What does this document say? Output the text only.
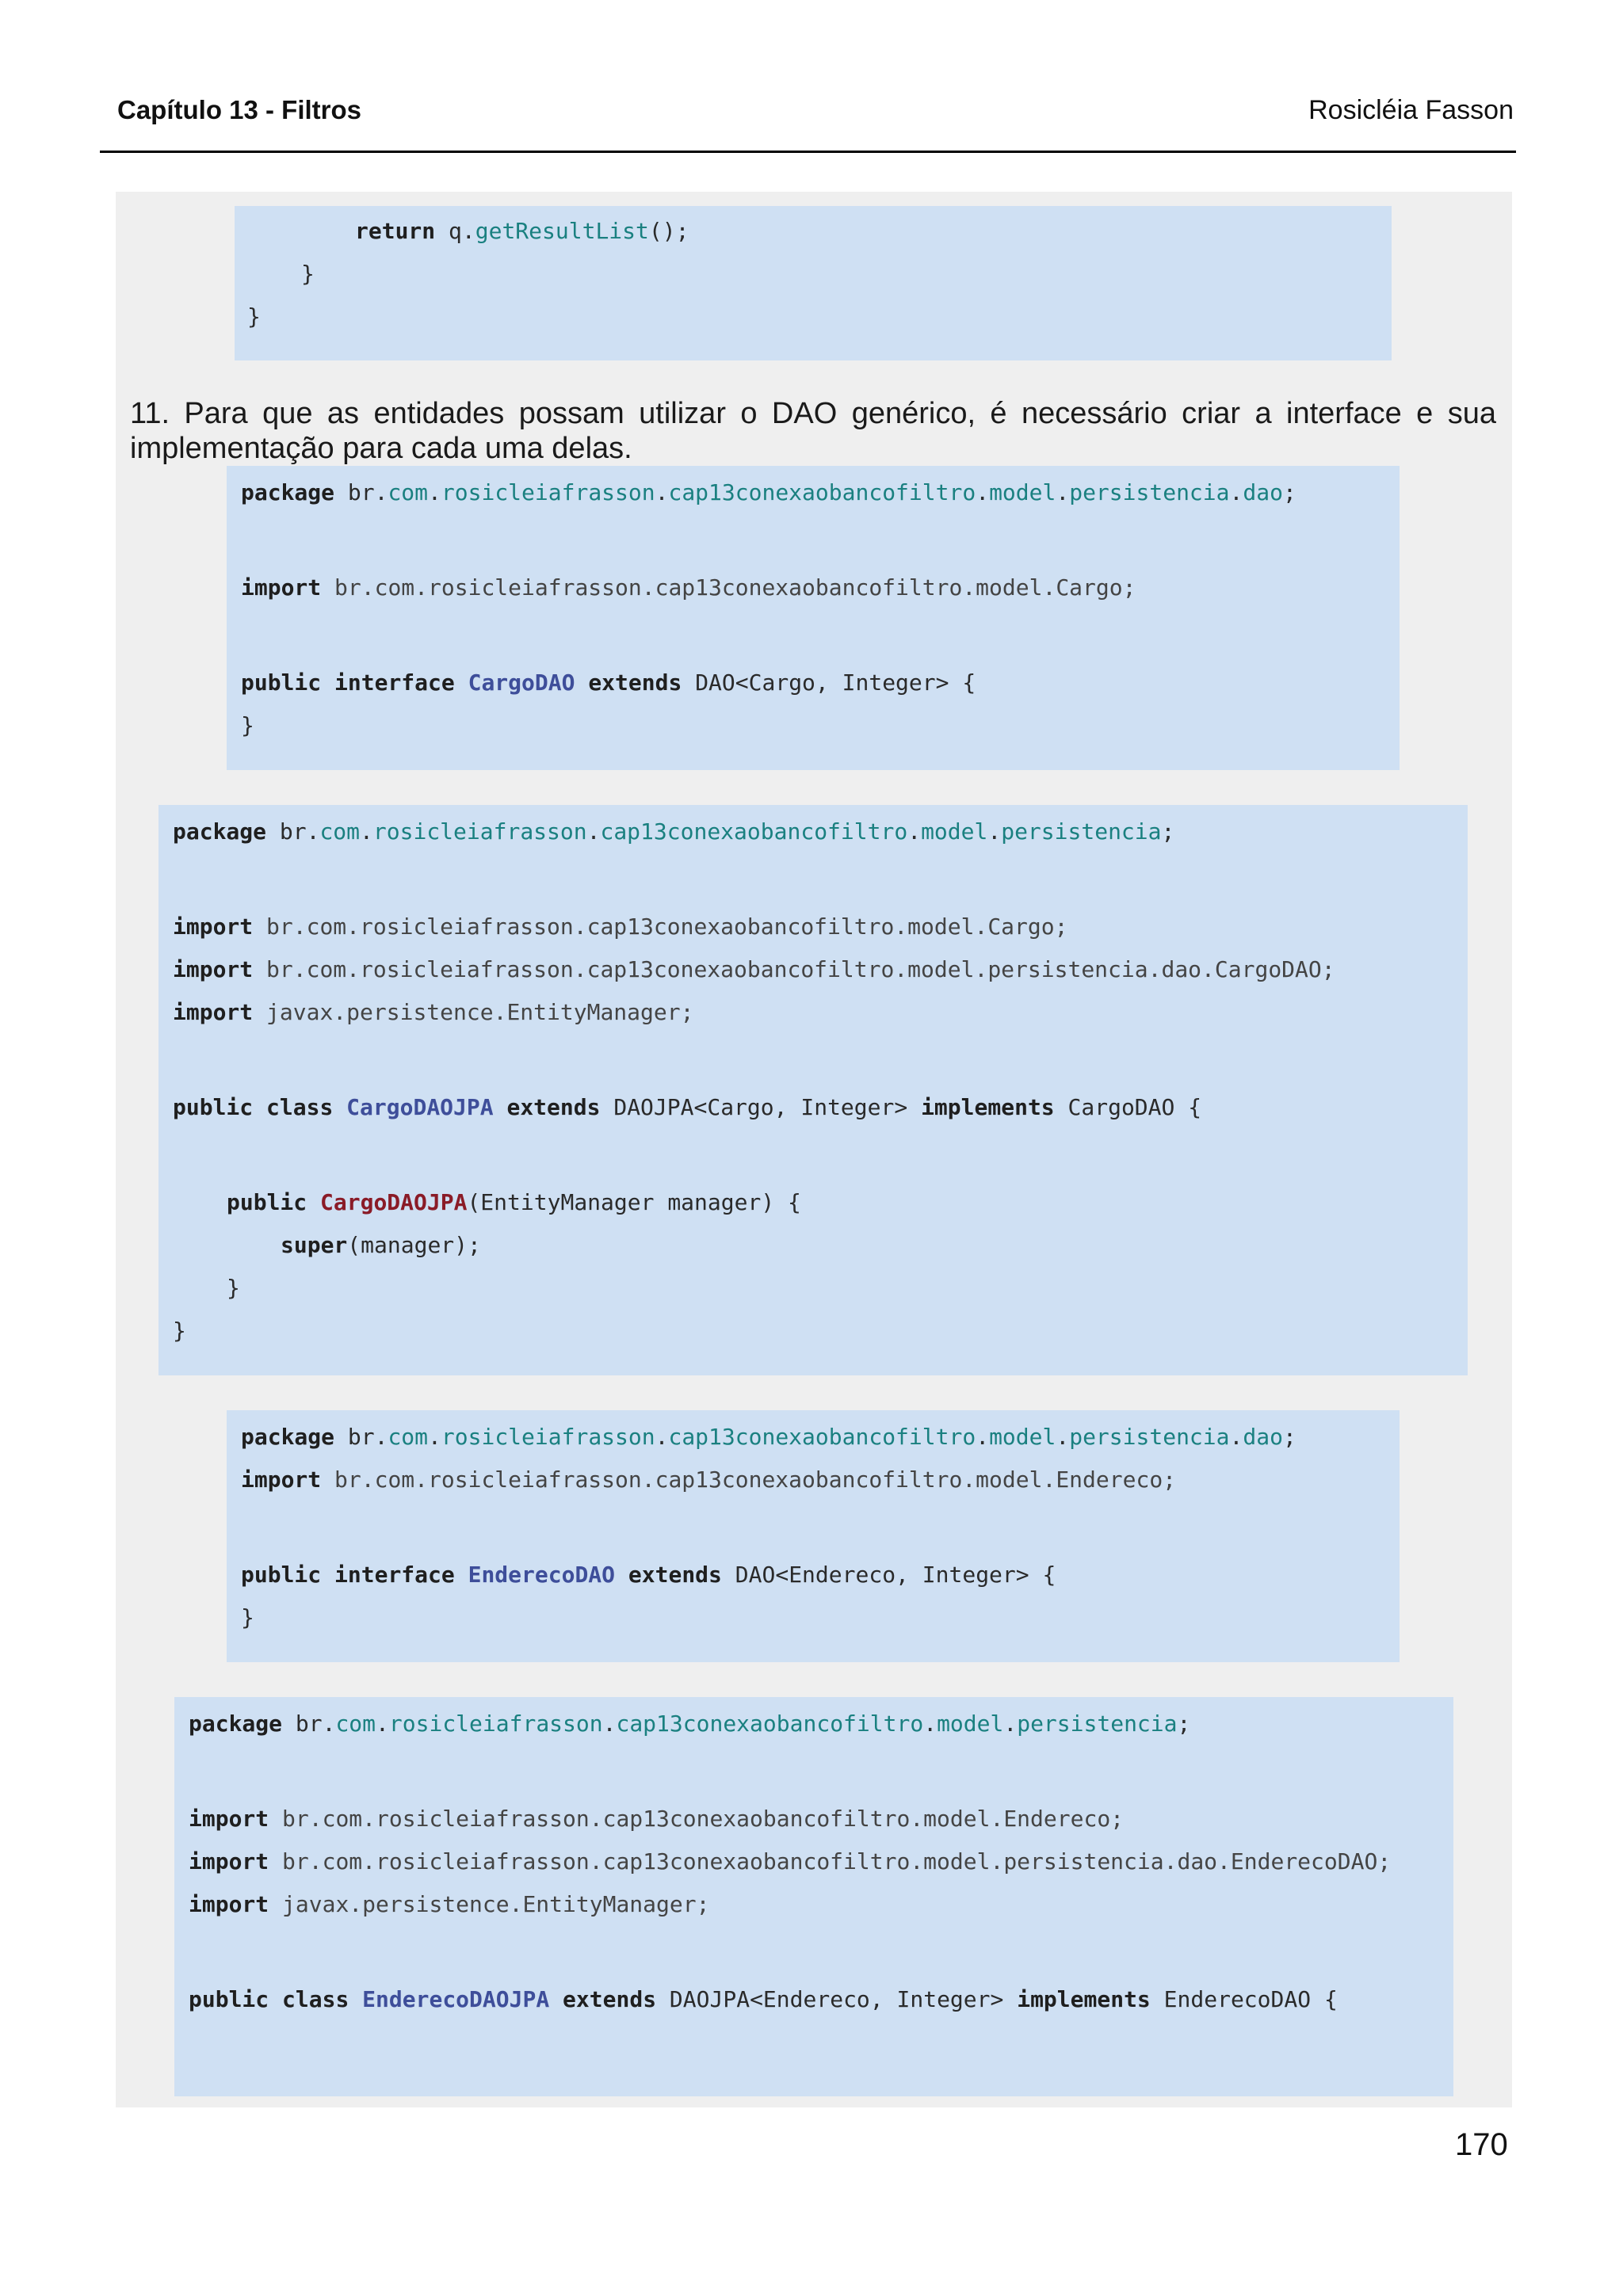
Capítulo 13 - Filtros	Rosicléia Fasson
return q.getResultList();
}
}
11. Para que as entidades possam utilizar o DAO genérico, é necessário criar a interface e sua implementação para cada uma delas.
package br.com.rosicleiafrasson.cap13conexaobancofiltro.model.persistencia.dao;
import br.com.rosicleiafrasson.cap13conexaobancofiltro.model.Cargo;
public interface CargoDAO extends DAO<Cargo, Integer> {
}
package br.com.rosicleiafrasson.cap13conexaobancofiltro.model.persistencia;
import br.com.rosicleiafrasson.cap13conexaobancofiltro.model.Cargo;
import br.com.rosicleiafrasson.cap13conexaobancofiltro.model.persistencia.dao.CargoDAO;
import javax.persistence.EntityManager;
public class CargoDAOJPA extends DAOJPA<Cargo, Integer> implements CargoDAO {
public CargoDAOJPA(EntityManager manager) {
super(manager);
}
}
package br.com.rosicleiafrasson.cap13conexaobancofiltro.model.persistencia.dao;
import br.com.rosicleiafrasson.cap13conexaobancofiltro.model.Endereco;
public interface EnderecoDAO extends DAO<Endereco, Integer> {
}
package br.com.rosicleiafrasson.cap13conexaobancofiltro.model.persistencia;
import br.com.rosicleiafrasson.cap13conexaobancofiltro.model.Endereco;
import br.com.rosicleiafrasson.cap13conexaobancofiltro.model.persistencia.dao.EnderecoDAO;
import javax.persistence.EntityManager;
public class EnderecoDAOJPA extends DAOJPA<Endereco, Integer> implements EnderecoDAO {
170
